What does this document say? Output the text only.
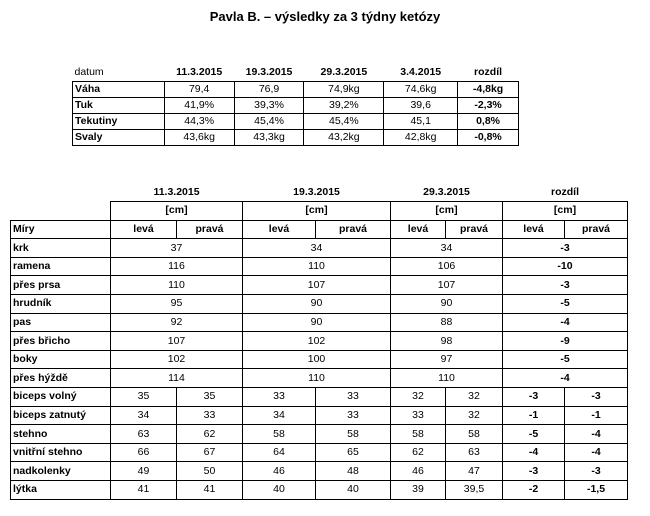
Pavla B. – výsledky za 3 týdny ketózy
datum	11.3.2015	19.3.2015	29.3.2015	3.4.2015	rozdíl
Váha	79,4	76,9	74,9kg	74,6kg	-4,8kg
Tuk	41,9%	39,3%	39,2%	39,6	-2,3%
Tekutiny	44,3%	45,4%	45,4%	45,1	0,8%
Svaly	43,6kg	43,3kg	43,2kg	42,8kg	-0,8%
	11.3.2015		19.3.2015		29.3.2015		rozdíl	
	[cm]		[cm]		[cm]		[cm]	
Míry	levá	pravá	levá	pravá	levá	pravá	levá	pravá
krk	37		34		34		-3	
ramena	116		110		106		-10	
přes prsa	110		107		107		-3	
hrudník	95		90		90		-5	
pas	92		90		88		-4	
přes břicho	107		102		98		-9	
boky	102		100		97		-5	
přes hýždě	114		110		110		-4	
biceps volný	35	35	33	33	32	32	-3	-3
biceps zatnutý	34	33	34	33	33	32	-1	-1
stehno	63	62	58	58	58	58	-5	-4
vnitřní stehno	66	67	64	65	62	63	-4	-4
nadkolenky	49	50	46	48	46	47	-3	-3
lýtka	41	41	40	40	39	39,5	-2	-1,5
